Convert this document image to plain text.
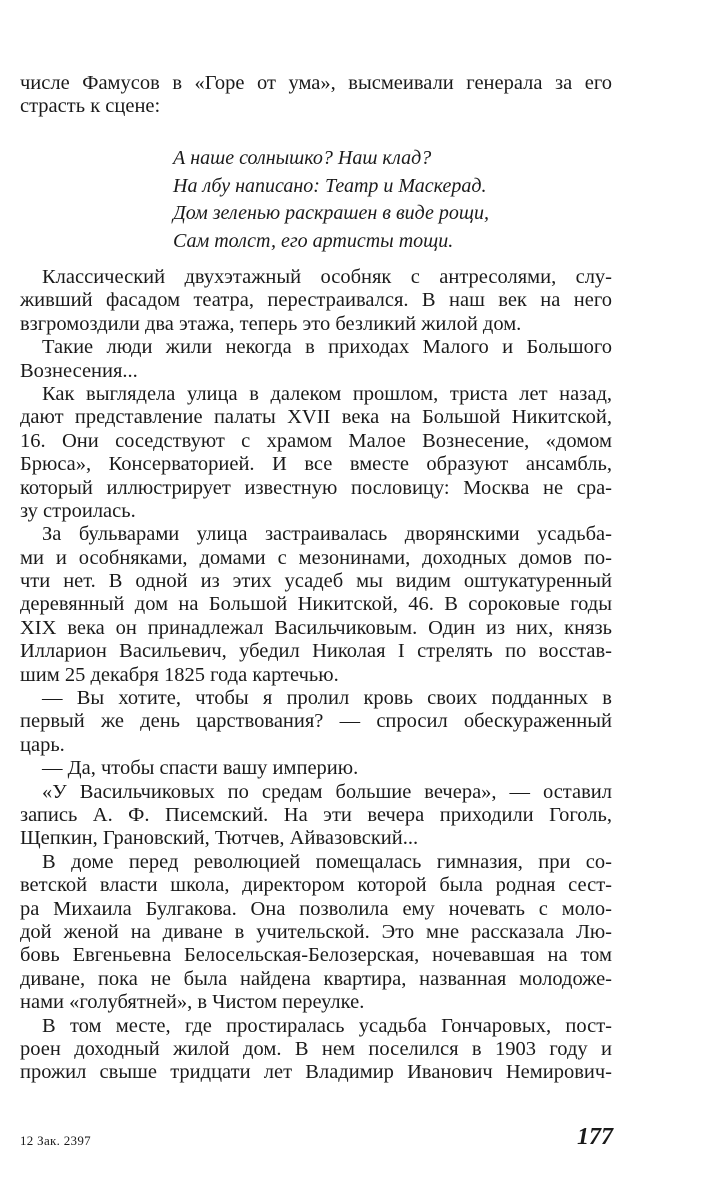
числе Фамусов в «Горе от ума», высмеивали генерала за его
страсть к сцене:
А наше солнышко? Наш клад?
На лбу написано: Театр и Маскерад.
Дом зеленью раскрашен в виде рощи,
Сам толст, его артисты тощи.
Классический двухэтажный особняк с антресолями, слу-
живший фасадом театра, перестраивался. В наш век на него
взгромоздили два этажа, теперь это безликий жилой дом.
Такие люди жили некогда в приходах Малого и Большого
Вознесения...
Как выглядела улица в далеком прошлом, триста лет назад,
дают представление палаты XVII века на Большой Никитской,
16. Они соседствуют с храмом Малое Вознесение, «домом
Брюса», Консерваторией. И все вместе образуют ансамбль,
который иллюстрирует известную пословицу: Москва не сра-
зу строилась.
За бульварами улица застраивалась дворянскими усадьба-
ми и особняками, домами с мезонинами, доходных домов по-
чти нет. В одной из этих усадеб мы видим оштукатуренный
деревянный дом на Большой Никитской, 46. В сороковые годы
XIX века он принадлежал Васильчиковым. Один из них, князь
Илларион Васильевич, убедил Николая I стрелять по восстав-
шим 25 декабря 1825 года картечью.
— Вы хотите, чтобы я пролил кровь своих подданных в
первый же день царствования? — спросил обескураженный
царь.
— Да, чтобы спасти вашу империю.
«У Васильчиковых по средам большие вечера», — оставил
запись А. Ф. Писемский. На эти вечера приходили Гоголь,
Щепкин, Грановский, Тютчев, Айвазовский...
В доме перед революцией помещалась гимназия, при со-
ветской власти школа, директором которой была родная сест-
ра Михаила Булгакова. Она позволила ему ночевать с моло-
дой женой на диване в учительской. Это мне рассказала Лю-
бовь Евгеньевна Белосельская-Белозерская, ночевавшая на том
диване, пока не была найдена квартира, названная молодоже-
нами «голубятней», в Чистом переулке.
В том месте, где простиралась усадьба Гончаровых, пост-
роен доходный жилой дом. В нем поселился в 1903 году и
прожил свыше тридцати лет Владимир Иванович Немирович-
12 Зак. 2397	177
